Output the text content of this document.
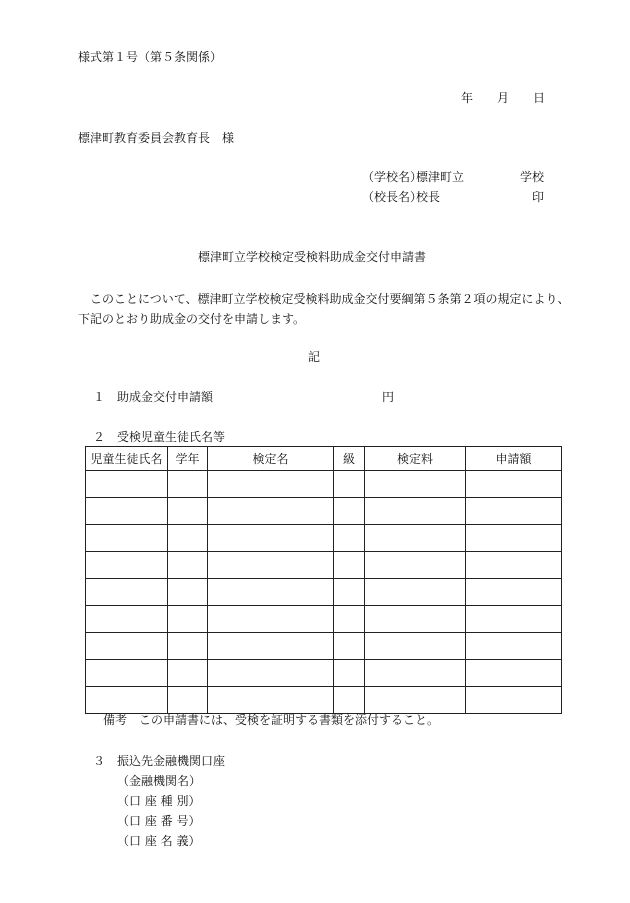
様式第１号（第５条関係）
年 月 日
標津町教育委員会教育長　様
（学校名）
標津町立	学校
（校長名）
校長	印
標津町立学校検定受検料助成金交付申請書
このことについて、標津町立学校検定受検料助成金交付要綱第５条第２項の規定により、
下記のとおり助成金の交付を申請します。
記
１　助成金交付申請額	円
２　受検児童生徒氏名等
児童生徒氏名	学年	検定名	級	検定料	申請額

備考　この申請書には、受検を証明する書類を添付すること。
３　振込先金融機関口座
（金融機関名）
（口 座 種 別）
（口 座 番 号）
（口 座 名 義）
